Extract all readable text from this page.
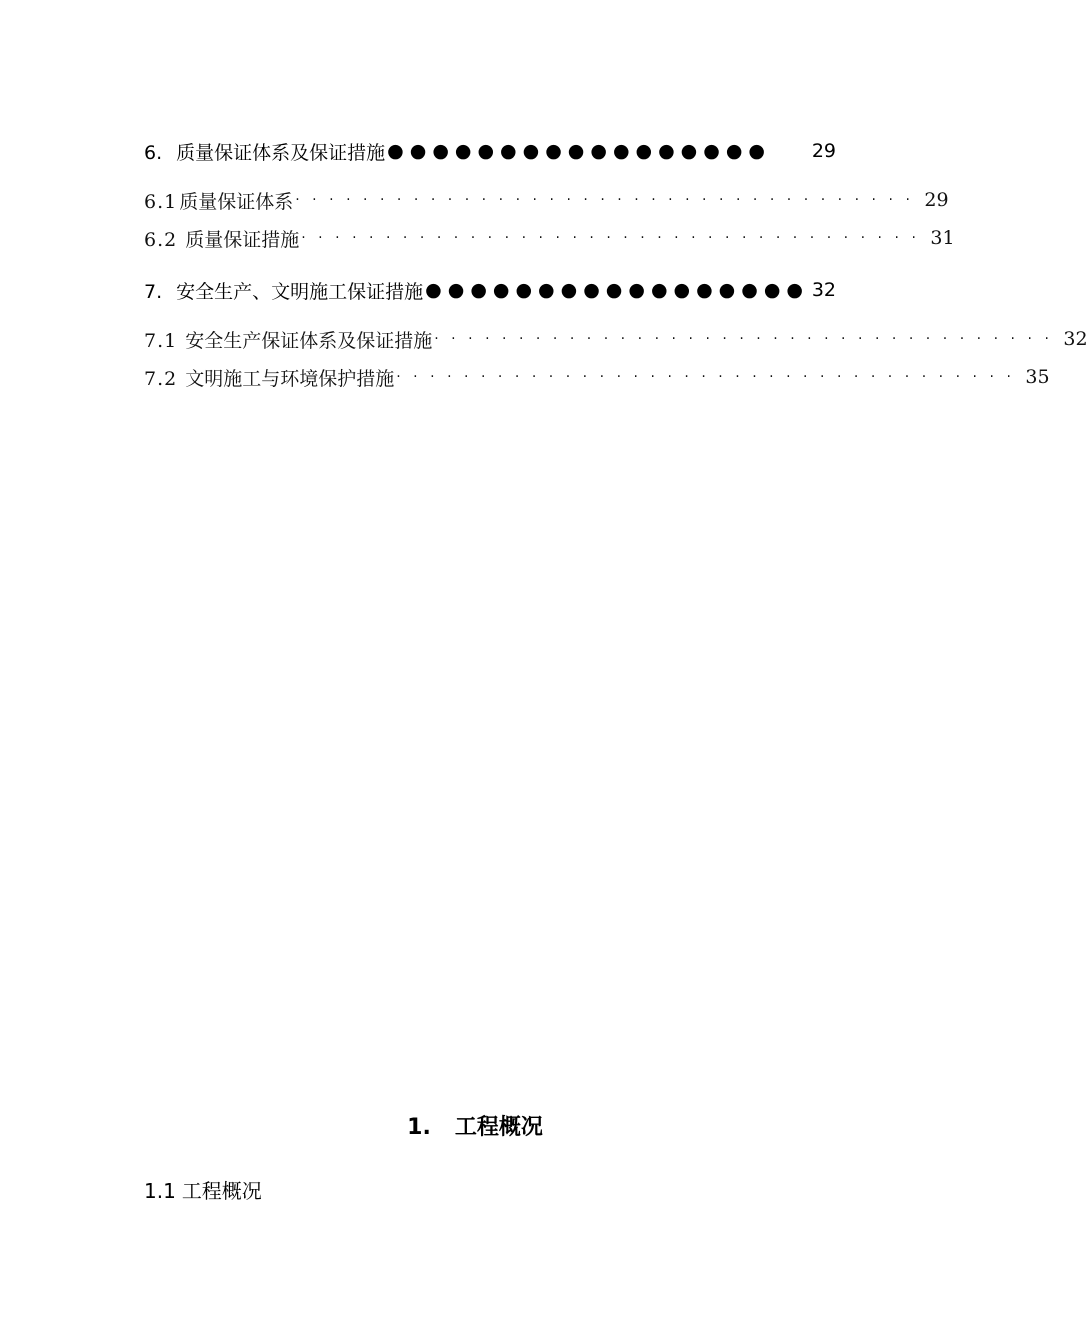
6. 质量保证体系及保证措施 ●●●●●●●●●●●●●●●●●	29
6.1 质量保证体系 ····································· 29
6.2 质量保证措施 ····································· 31
7. 安全生产、文明施工保证措施 ●●●●●●●●●●●●●●●●● 32
7.1 安全生产保证体系及保证措施 ····································· 32
7.2 文明施工与环境保护措施 ····································· 35
1. 工程概况
1.1 工程概况
